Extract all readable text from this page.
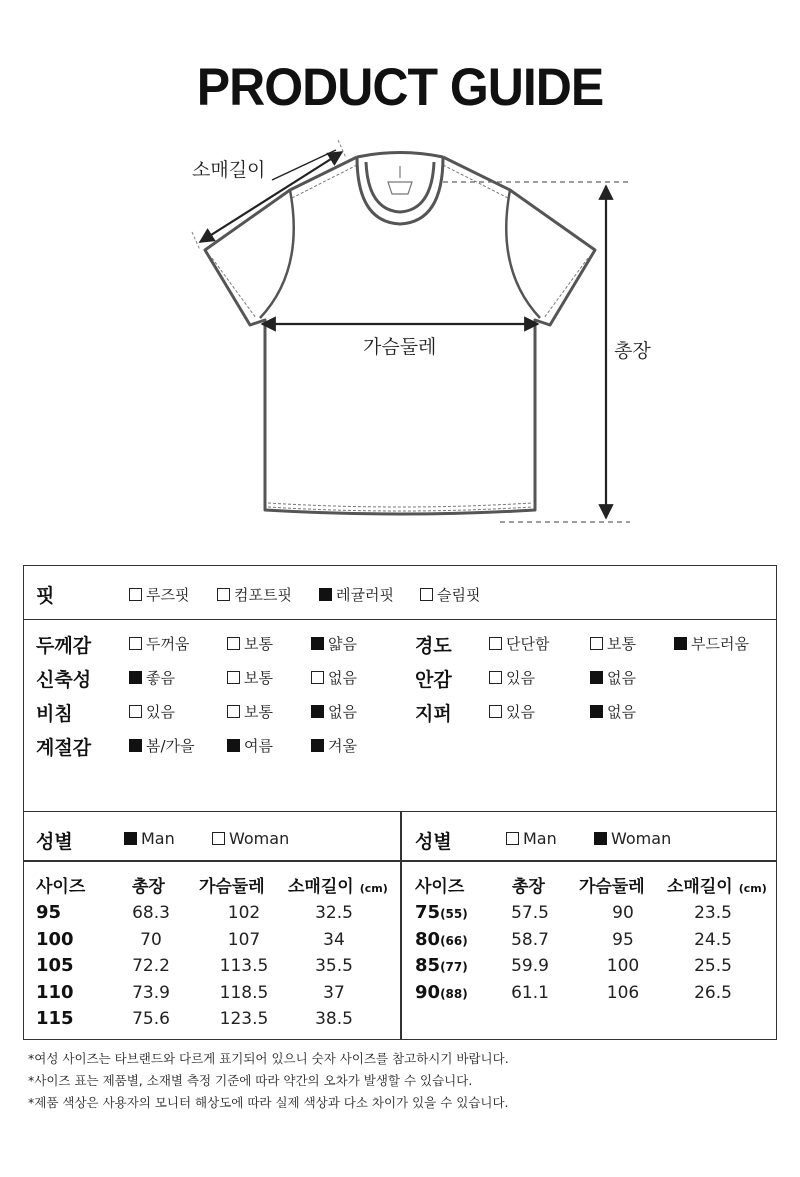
PRODUCT GUIDE
소매길이
가슴둘레	총장
핏	루즈핏	컴포트핏	레귤러핏	슬림핏
두께감	두꺼움	보통	얇음
신축성	좋음	보통	없음
비침	있음	보통	없음
계절감	봄/가을	여름	겨울
경도	단단함	보통	부드러움
안감	있음	없음
지퍼	있음	없음
성별	Man	Woman
사이즈	총장 가슴둘레 소매길이 (cm)
95	68.3	102	32.5
100	70	107	34
105	72.2	113.5	35.5
110	73.9	118.5	37
115	75.6	123.5	38.5
성별	Man	Woman
사이즈	총장 가슴둘레 소매길이 (cm)
75(55)	57.5	90	23.5
80(66)	58.7	95	24.5
85(77)	59.9	100	25.5
90(88)	61.1	106	26.5
*여성 사이즈는 타브랜드와 다르게 표기되어 있으니 숫자 사이즈를 참고하시기 바랍니다.
*사이즈 표는 제품별, 소재별 측정 기준에 따라 약간의 오차가 발생할 수 있습니다.
*제품 색상은 사용자의 모니터 해상도에 따라 실제 색상과 다소 차이가 있을 수 있습니다.
